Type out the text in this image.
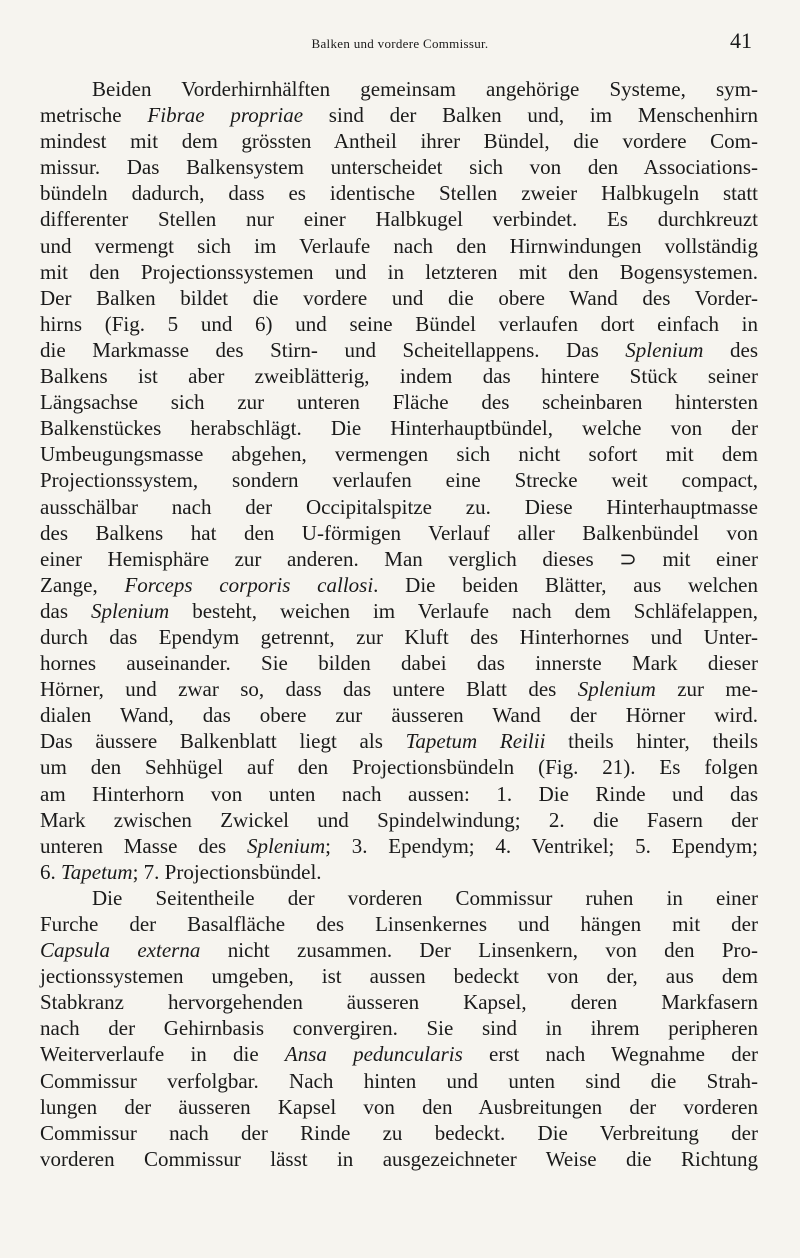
Balken und vordere Commissur.	41
Beiden Vorderhirnhälften gemeinsam angehörige Systeme, sym-
metrische Fibrae propriae sind der Balken und, im Menschenhirn
mindest mit dem grössten Antheil ihrer Bündel, die vordere Com-
missur. Das Balkensystem unterscheidet sich von den Associations-
bündeln dadurch, dass es identische Stellen zweier Halbkugeln statt
differenter Stellen nur einer Halbkugel verbindet. Es durchkreuzt
und vermengt sich im Verlaufe nach den Hirnwindungen vollständig
mit den Projectionssystemen und in letzteren mit den Bogensystemen.
Der Balken bildet die vordere und die obere Wand des Vorder-
hirns (Fig. 5 und 6) und seine Bündel verlaufen dort einfach in
die Markmasse des Stirn- und Scheitellappens. Das Splenium des
Balkens ist aber zweiblätterig, indem das hintere Stück seiner
Längsachse sich zur unteren Fläche des scheinbaren hintersten
Balkenstückes herabschlägt. Die Hinterhauptbündel, welche von der
Umbeugungsmasse abgehen, vermengen sich nicht sofort mit dem
Projectionssystem, sondern verlaufen eine Strecke weit compact,
ausschälbar nach der Occipitalspitze zu. Diese Hinterhauptmasse
des Balkens hat den U-förmigen Verlauf aller Balkenbündel von
einer Hemisphäre zur anderen. Man verglich dieses ⊃ mit einer
Zange, Forceps corporis callosi. Die beiden Blätter, aus welchen
das Splenium besteht, weichen im Verlaufe nach dem Schläfelappen,
durch das Ependym getrennt, zur Kluft des Hinterhornes und Unter-
hornes auseinander. Sie bilden dabei das innerste Mark dieser
Hörner, und zwar so, dass das untere Blatt des Splenium zur me-
dialen Wand, das obere zur äusseren Wand der Hörner wird.
Das äussere Balkenblatt liegt als Tapetum Reilii theils hinter, theils
um den Sehhügel auf den Projectionsbündeln (Fig. 21). Es folgen
am Hinterhorn von unten nach aussen: 1. Die Rinde und das
Mark zwischen Zwickel und Spindelwindung; 2. die Fasern der
unteren Masse des Splenium; 3. Ependym; 4. Ventrikel; 5. Ependym;
6. Tapetum; 7. Projectionsbündel.
Die Seitentheile der vorderen Commissur ruhen in einer
Furche der Basalfläche des Linsenkernes und hängen mit der
Capsula externa nicht zusammen. Der Linsenkern, von den Pro-
jectionssystemen umgeben, ist aussen bedeckt von der, aus dem
Stabkranz hervorgehenden äusseren Kapsel, deren Markfasern
nach der Gehirnbasis convergiren. Sie sind in ihrem peripheren
Weiterverlaufe in die Ansa peduncularis erst nach Wegnahme der
Commissur verfolgbar. Nach hinten und unten sind die Strah-
lungen der äusseren Kapsel von den Ausbreitungen der vorderen
Commissur nach der Rinde zu bedeckt. Die Verbreitung der
vorderen Commissur lässt in ausgezeichneter Weise die Richtung
